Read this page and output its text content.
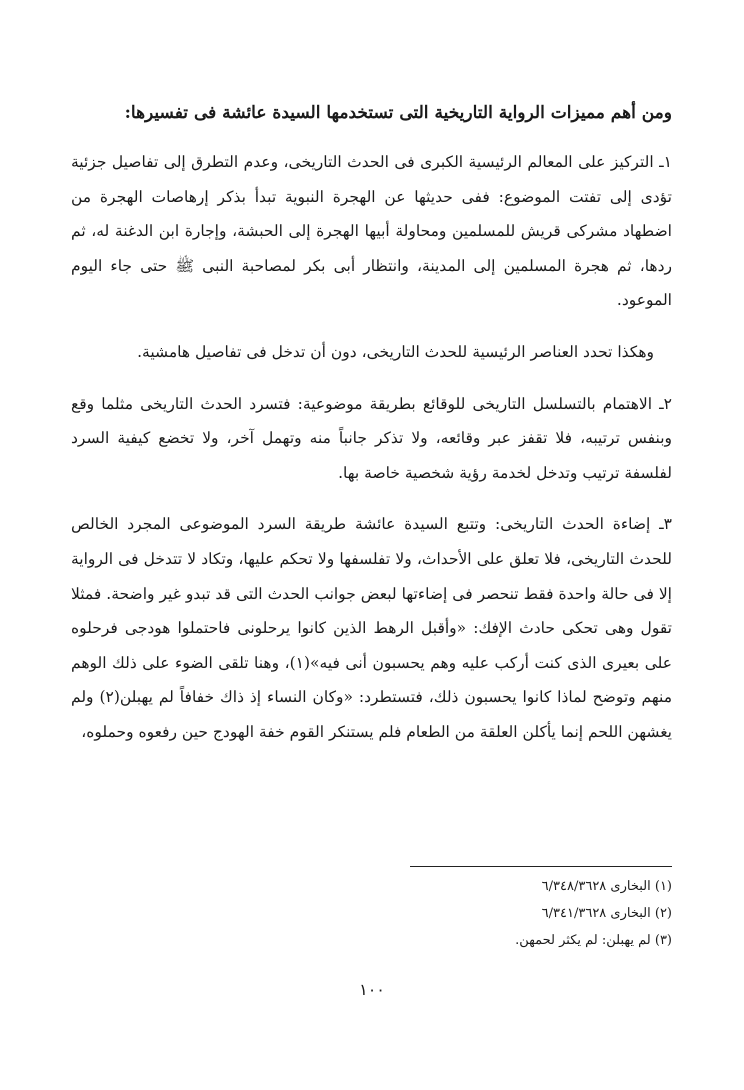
ومن أهم مميزات الرواية التاريخية التى تستخدمها السيدة عائشة فى تفسيرها:

١ـ التركيز على المعالم الرئيسية الكبرى فى الحدث التاريخى، وعدم التطرق إلى تفاصيل جزئية تؤدى إلى تفتت الموضوع: ففى حديثها عن الهجرة النبوية تبدأ بذكر إرهاصات الهجرة من اضطهاد مشركى قريش للمسلمين ومحاولة أبيها الهجرة إلى الحبشة، وإجارة ابن الدغنة له، ثم ردها، ثم هجرة المسلمين إلى المدينة، وانتظار أبى بكر لمصاحبة النبى ﷺ حتى جاء اليوم الموعود.

وهكذا تحدد العناصر الرئيسية للحدث التاريخى، دون أن تدخل فى تفاصيل هامشية.

٢ـ الاهتمام بالتسلسل التاريخى للوقائع بطريقة موضوعية: فتسرد الحدث التاريخى مثلما وقع وبنفس ترتيبه، فلا تقفز عبر وقائعه، ولا تذكر جانباً منه وتهمل آخر، ولا تخضع كيفية السرد لفلسفة ترتيب وتدخل لخدمة رؤية شخصية خاصة بها.

٣ـ إضاءة الحدث التاريخى: وتتبع السيدة عائشة طريقة السرد الموضوعى المجرد الخالص للحدث التاريخى، فلا تعلق على الأحداث، ولا تفلسفها ولا تحكم عليها، وتكاد لا تتدخل فى الرواية إلا فى حالة واحدة فقط تنحصر فى إضاءتها لبعض جوانب الحدث التى قد تبدو غير واضحة. فمثلا تقول وهى تحكى حادث الإفك: «وأقبل الرهط الذين كانوا يرحلونى فاحتملوا هودجى فرحلوه على بعيرى الذى كنت أركب عليه وهم يحسبون أنى فيه»(١)، وهنا تلقى الضوء على ذلك الوهم منهم وتوضح لماذا كانوا يحسبون ذلك، فتستطرد: «وكان النساء إذ ذاك خفافاً لم يهبلن(٢) ولم يغشهن اللحم إنما يأكلن العلقة من الطعام فلم يستنكر القوم خفة الهودج حين رفعوه وحملوه،

(١) البخارى ٦/٣٤٨/٣٦٢٨
(٢) البخارى ٦/٣٤١/٣٦٢٨
(٣) لم يهبلن: لم يكثر لحمهن.
١٠٠
